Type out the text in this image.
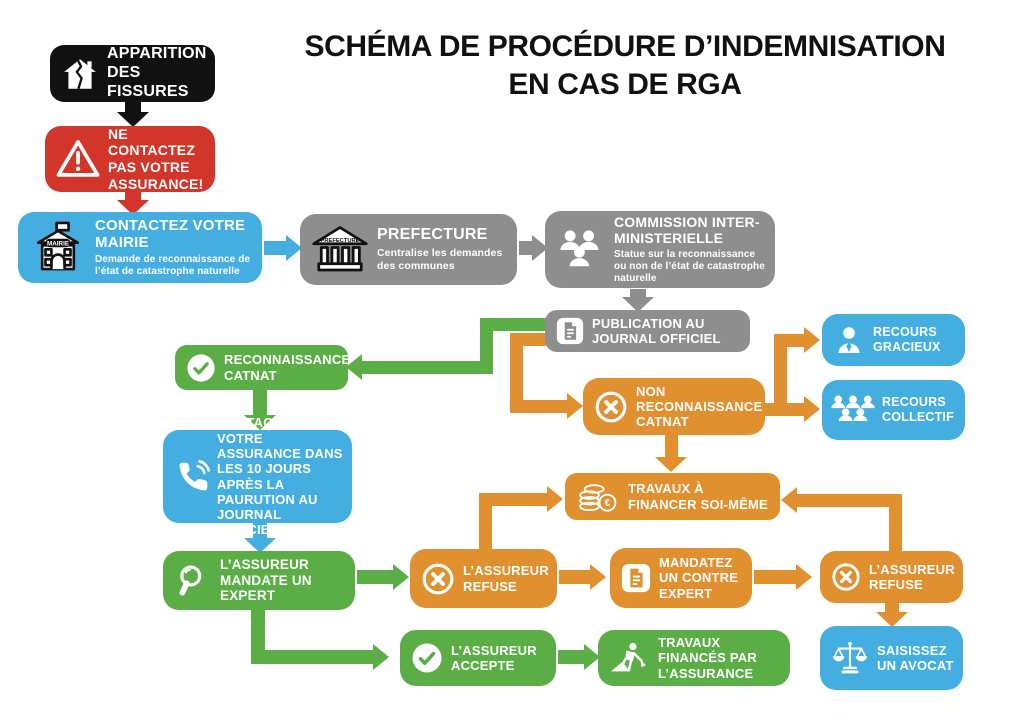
SCHÉMA DE PROCÉDURE D’INDEMNISATION
EN CAS DE RGA
APPARITION DES FISSURES
NE CONTACTEZ PAS VOTRE ASSURANCE!
MAIRIE
CONTACTEZ VOTRE MAIRIE
Demande de reconnaissance de l’état de catastrophe naturelle
PREFECTURE PREFECTURE
Centralise les demandes des communes
COMMISSION INTER-MINISTERIELLE
Statue sur la reconnaissance ou non de l’état de catastrophe naturelle
PUBLICATION AU JOURNAL OFFICIEL
RECONNAISSANCE CATNAT
NON RECONNAISSANCE CATNAT
RECOURS GRACIEUX
RECOURS COLLECTIF
CONTACTEZ VOTRE ASSURANCE DANS LES 10 JOURS APRÈS LA PAURUTION AU JOURNAL OFFICIEL
L’ASSUREUR MANDATE UN EXPERT
L’ASSUREUR REFUSE
MANDATEZ UN CONTRE EXPERT
€
TRAVAUX À FINANCER SOI-MÊME
L’ASSUREUR REFUSE
SAISISSEZ UN AVOCAT
L’ASSUREUR ACCEPTE
TRAVAUX FINANCÉS PAR L’ASSURANCE
